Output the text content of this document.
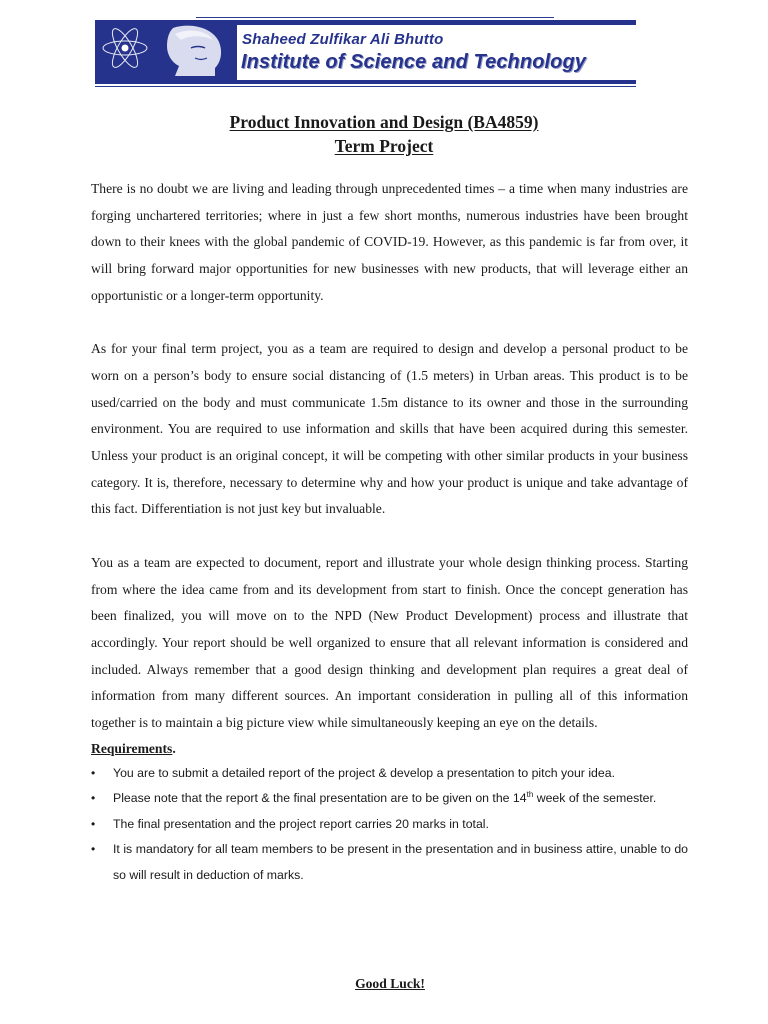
Shaheed Zulfikar Ali Bhutto
Institute of Science and Technology
Product Innovation and Design (BA4859)
Term Project

There is no doubt we are living and leading through unprecedented times – a time when many industries are forging unchartered territories; where in just a few short months, numerous industries have been brought down to their knees with the global pandemic of COVID-19. However, as this pandemic is far from over, it will bring forward major opportunities for new businesses with new products, that will leverage either an opportunistic or a longer-term opportunity.

As for your final term project, you as a team are required to design and develop a personal product to be worn on a person’s body to ensure social distancing of (1.5 meters) in Urban areas. This product is to be used/carried on the body and must communicate 1.5m distance to its owner and those in the surrounding environment. You are required to use information and skills that have been acquired during this semester. Unless your product is an original concept, it will be competing with other similar products in your business category. It is, therefore, necessary to determine why and how your product is unique and take advantage of this fact. Differentiation is not just key but invaluable.

You as a team are expected to document, report and illustrate your whole design thinking process. Starting from where the idea came from and its development from start to finish. Once the concept generation has been finalized, you will move on to the NPD (New Product Development) process and illustrate that accordingly. Your report should be well organized to ensure that all relevant information is considered and included. Always remember that a good design thinking and development plan requires a great deal of information from many different sources. An important consideration in pulling all of this information together is to maintain a big picture view while simultaneously keeping an eye on the details.

Requirements.

• You are to submit a detailed report of the project & develop a presentation to pitch your idea.
• Please note that the report & the final presentation are to be given on the 14th week of the semester.
• The final presentation and the project report carries 20 marks in total.
• It is mandatory for all team members to be present in the presentation and in business attire, unable to do so will result in deduction of marks.
Good Luck!
